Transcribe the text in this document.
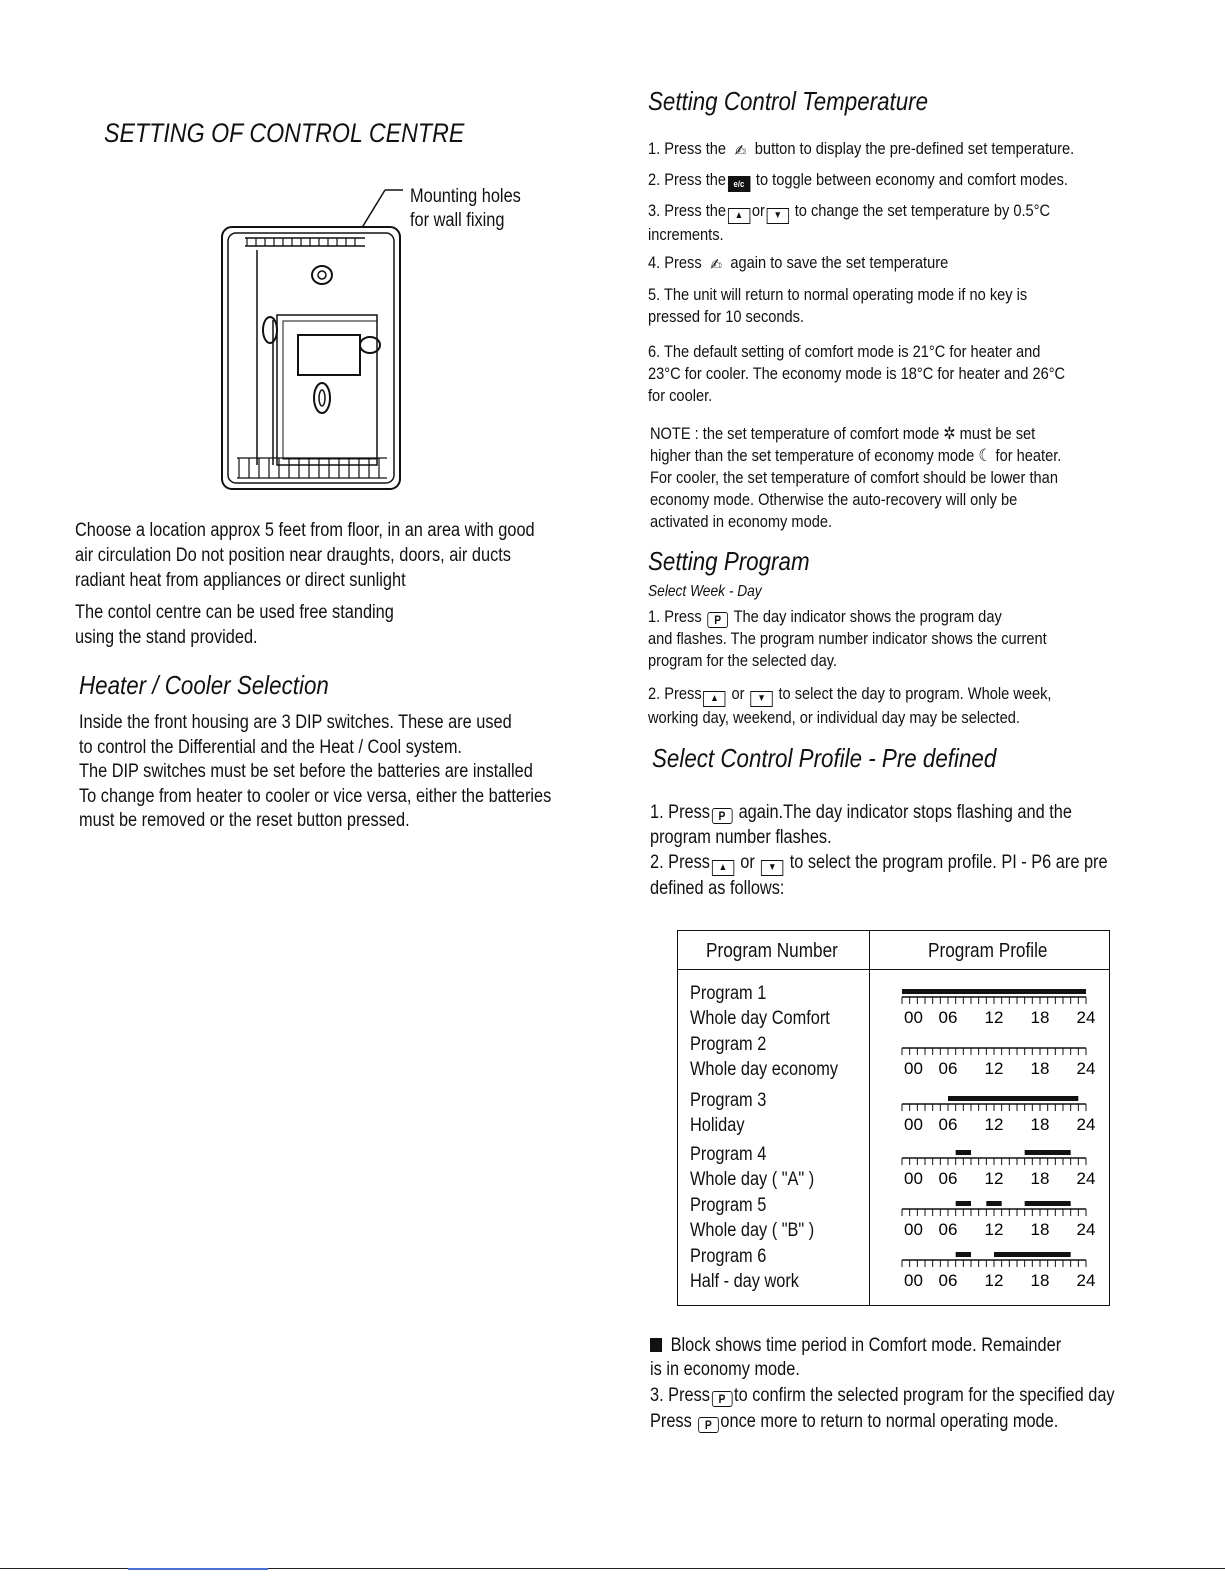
SETTING OF CONTROL CENTRE
Mounting holes
for wall fixing
Choose a location approx 5 feet from floor, in an area with good
air circulation Do not position near draughts, doors, air ducts
radiant heat from appliances or direct sunlight
The contol centre can be used free standing
using the stand provided.
Heater / Cooler Selection
Inside the front housing are 3 DIP switches. These are used
to control the Differential and the Heat / Cool system.
The DIP switches must be set before the batteries are installed
To change from heater to cooler or vice versa, either the batteries
must be removed or the reset button pressed.
Setting Control Temperature
1. Press the ✍ button to display the pre-defined set temperature.
2. Press the e/c to toggle between economy and comfort modes.
3. Press the ▲ or ▼ to change the set temperature by 0.5°C
increments.
4. Press ✍ again to save the set temperature
5. The unit will return to normal operating mode if no key is
pressed for 10 seconds.
6. The default setting of comfort mode is 21°C for heater and
23°C for cooler. The economy mode is 18°C for heater and 26°C
for cooler.
NOTE : the set temperature of comfort mode ✲ must be set
higher than the set temperature of economy mode ☾ for heater.
For cooler, the set temperature of comfort should be lower than
economy mode. Otherwise the auto-recovery will only be
activated in economy mode.
Setting Program
Select Week - Day
1. Press P The day indicator shows the program day
and flashes. The program number indicator shows the current
program for the selected day.
2. Press ▲ or ▼ to select the day to program. Whole week,
working day, weekend, or individual day may be selected.
Select Control Profile - Pre defined
1. Press P again.The day indicator stops flashing and the
program number flashes.
2. Press ▲ or ▼ to select the program profile. PI - P6 are pre
defined as follows:
Program Number	Program Profile
Program 1
Whole day Comfort	00 06 12 18 24
Program 2
Whole day economy	00 06 12 18 24
Program 3
Holiday	00 06 12 18 24
Program 4
Whole day ( "A" )	00 06 12 18 24
Program 5
Whole day ( "B" )	00 06 12 18 24
Program 6
Half - day work	00 06 12 18 24
Block shows time period in Comfort mode. Remainder
is in economy mode.
3. Press P to confirm the selected program for the specified day
Press P once more to return to normal operating mode.
